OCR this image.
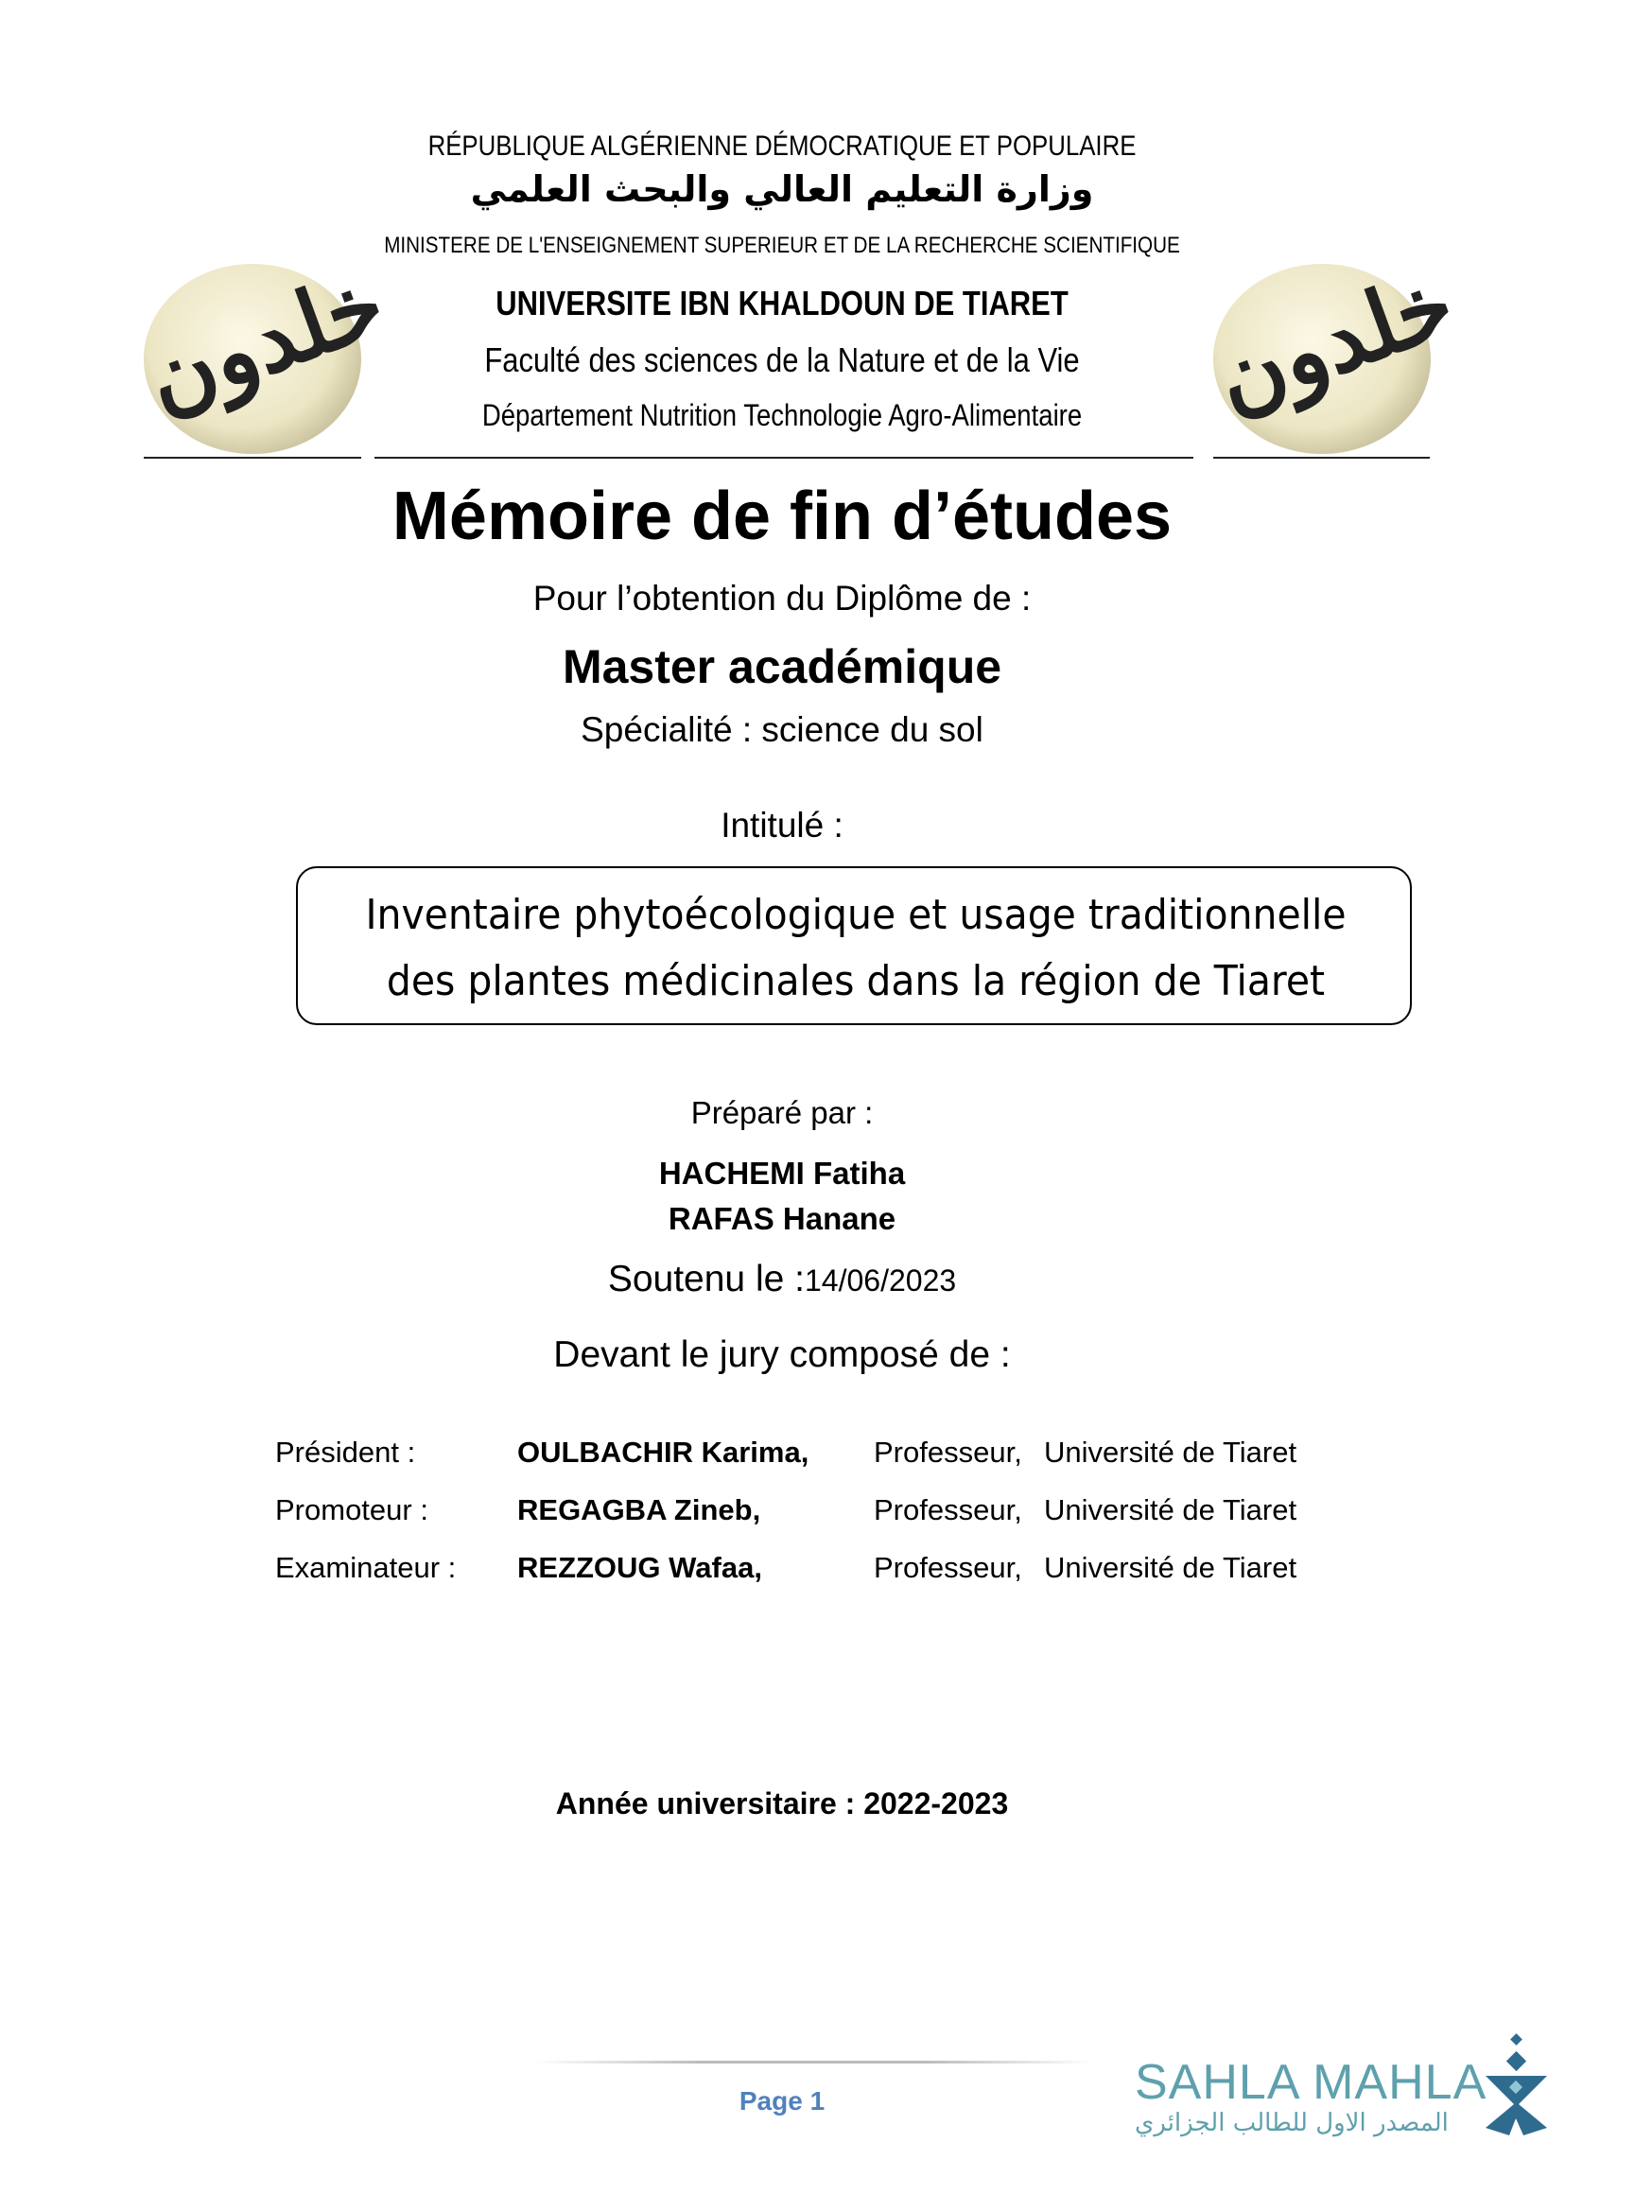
RÉPUBLIQUE ALGÉRIENNE DÉMOCRATIQUE ET POPULAIRE
وزارة التعليم العالي والبحث العلمي
MINISTERE DE L'ENSEIGNEMENT SUPERIEUR ET DE LA RECHERCHE SCIENTIFIQUE
خلدون	خلدون
UNIVERSITE IBN KHALDOUN DE TIARET
Faculté des sciences de la Nature et de la Vie
Département Nutrition Technologie Agro-Alimentaire
Mémoire de fin d’études
Pour l’obtention du Diplôme de :
Master académique
Spécialité : science du sol
Intitulé :
Inventaire phytoécologique et usage traditionnelle
des plantes médicinales dans la région de Tiaret
Préparé par :
HACHEMI Fatiha
RAFAS Hanane
Soutenu le :14/06/2023
Devant le jury composé de :
Président :	OULBACHIR Karima, Professeur, Université de Tiaret
Promoteur :	REGAGBA Zineb,	Professeur, Université de Tiaret
Examinateur : REZZOUG Wafaa,	Professeur, Université de Tiaret
Année universitaire : 2022-2023
Page 1	SAHLA MAHLA
المصدر الاول للطالب الجزائري
